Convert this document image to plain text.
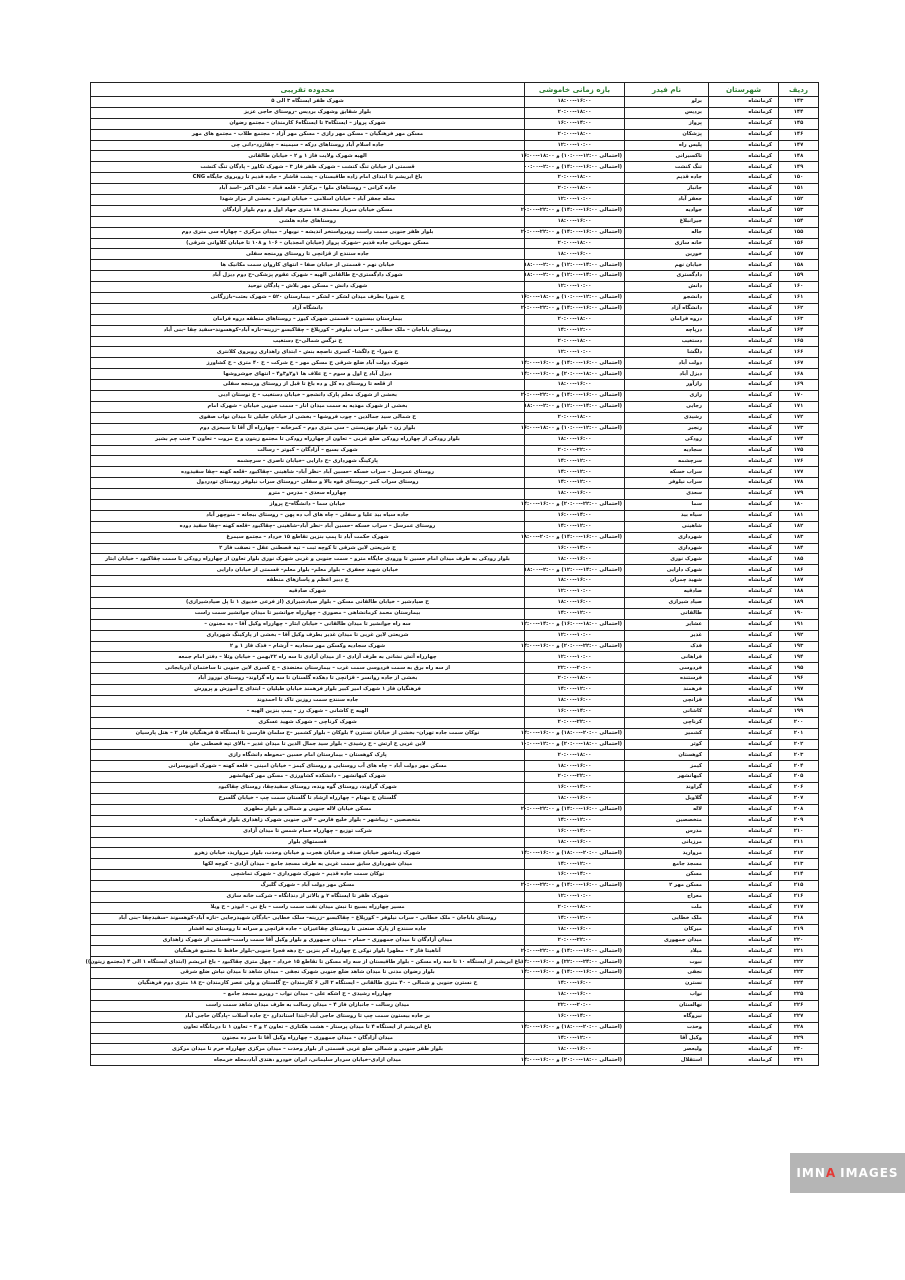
ردیف	شهرستان	نام فیدر	بازه زمانی خاموشی	محدوده تقریبی
۱۴۳	کرمانشاه	برلو	۱۶:۰۰--۱۸:۰۰	شهرک ظفر ایستگاه ۳ الی ۵
۱۴۴	کرمانشاه	بردیس	۱۸:۰۰--۲۰:۰۰	بلوار شقایق وشهرک بردیس –روستای حاجی عزیز
۱۴۵	کرمانشاه	پرواز	۱۴:۰۰--۱۶:۰۰	شهرک پرواز – ایستگاه۳ تا ایستگاه۶ کارمندان – مجتمع رضوان
۱۴۶	کرمانشاه	پزشکان	۱۸:۰۰--۲۰:۰۰	مسکن مهر فرهنگیان – مسکن مهر رازی – مسکن مهر آزاد – مجتمع طلاب – مجتمع های مهر
۱۴۷	کرمانشاه	پلیس راه	۱۰:۰۰--۱۲:۰۰	جاده اسلام آباد روستاهای درکه – سیمینه – چقازرد–دانی چی
۱۴۸	کرمانشاه	تاکسیرانی	(احتمالی ۱۲:۰۰--۱۰:۰۰) و ۱۸:۰۰--۱۶:۰۰	الهیه شهرک ولایت فاز ۱ و ۲ – خیابان طالقانی
۱۴۹	کرمانشاه	تنگ کنشت	(احتمالی ۱۶:۰۰--۱۴:۰۰) و ۲:۰۰--۰۰:۰۰	قسمتی از خیابان تنگ کنشت – شهرک ظفر فاز ۳ – شهرک تکاور – پادگان تنگ کنشت
۱۵۰	کرمانشاه	جاده قدیم	۱۸:۰۰--۲۰:۰۰	باغ ابریشم تا ابتدای امام زاده طاقبستان – پشت قاشار – جاده قدیم تا روبروی جایگاه CNG
۱۵۱	کرمانشاه	جانباز	۱۸:۰۰--۲۰:۰۰	جاده کرانی – روستاهای ملوا – برکنار – قلعه قباد – علی اکبر –اسد آباد
۱۵۲	کرمانشاه	جعفر آباد	۱۰:۰۰--۱۲:۰۰	محله جعفر آباد – خیابان اسلامی – خیابان ابوذر – بخشی از مزار شهدا
۱۵۳	کرمانشاه	جوادیه	(احتمالی ۱۶:۰۰--۱۴:۰۰) و ۲۲:۰۰--۲۰:۰۰	مسکن خیابان سرباز محمدی ۱۸ متری جهاد اول و دوم بلوار آزادگان
۱۵۴	کرمانشاه	جیرانبلاغ	۱۶:۰۰--۱۸:۰۰	روستاهای جاده هلشی
۱۵۵	کرمانشاه	جاله	(احتمالی ۱۶:۰۰--۱۴:۰۰) و ۲۲:۰۰--۲۰:۰۰	بلوار ظفر جنوبی سمت راست روبرواستخر اندیشه – نوبهار – میدان مرکزی – چهاراه سی متری دوم
۱۵۶	کرمانشاه	خانه سازی	۱۸:۰۰--۲۰:۰۰	مسکن مهربانی جاده قدیم –شهرک پرواز (خیابان امجدیان – ۱۰۶ و ۱۰۸ تا خیابان کلاوانی شرقی)
۱۵۷	کرمانشاه	خورین	۱۶:۰۰--۱۸:۰۰	جاده سنندج از قزانچی تا روستای ورمنجه سفلی
۱۵۸	کرمانشاه	خیابان نهم	(احتمالی ۱۴:۰۰--۱۲:۰۰) و ۲:۰۰--۱۸:۰۰	خیابان نهم – قسمتی از خیابان صفا – انتهای کاروان سمت مکانیک ها
۱۵۹	کرمانشاه	دادگستری	(احتمالی ۱۴:۰۰--۱۲:۰۰) و ۲:۰۰--۱۸:۰۰	شهرک دادگستری–خ طالقانی الهیه – شهرک عقوم پزشکی–خ دوم دیزل آباد
۱۶۰	کرمانشاه	دانش	۱۰:۰۰--۱۲:۰۰	شهرک دانش – مسکن مهر بلاش – پادگان نوحید
۱۶۱	کرمانشاه	دانشجو	(احتمالی ۱۲:۰۰--۱۰:۰۰) و ۱۸:۰۰--۱۶:۰۰	خ شورا بطرف میدان لشکر – لشکر – بیمارستان ۵۲۰ – شهرک بعثت–بازرگانی
۱۶۲	کرمانشاه	دانشگاه آزاد	(احتمالی ۱۶:۰۰--۱۴:۰۰) و ۲۲:۰۰--۲۰:۰۰	دانشگاه آزاد
۱۶۳	کرمانشاه	دروه فرامان	۱۸:۰۰--۲۰:۰۰	بیمارستان بیستون – قسمتی شهرک کیوز – روستاهای منطقه دروه فرامان
۱۶۴	کرمانشاه	درپاچه	۱۲:۰۰--۱۴:۰۰	روستای باباجان – ملک خطایی – سراب نیلوفر – کورپلاغ – چقاکبسو –زرینه–نازه آباد–کوهسوند–سفید چقا –بنی آباد
۱۶۵	کرمانشاه	دستغیب	۱۸:۰۰--۲۰:۰۰	خ نرگس شمالی–خ دستغیب
۱۶۶	کرمانشاه	دلگشا	۱۰:۰۰--۱۲:۰۰	خ شورا– خ دلگشا– کسری ناصچه بنش – ابتدای راهداری روبروی کلانتری
۱۶۷	کرمانشاه	دولت آباد	(احتمالی ۱۶:۰۰--۱۴:۰۰) و ۱۶:۰۰--۱۴:۰۰	شهرک دولت آباد ضلع شرقی خ مسکن مهر – خ شرکت – خ ۴۰ متری – خ کشاورز
۱۶۸	کرمانشاه	دیزل آباد	(احتمالی ۱۸:۰۰--۲۰:۰۰) و ۱۶:۰۰--۱۴:۰۰	دیزل آباد خ اول و سوم – خ علاف ها ۱و۲و۳و۴ – انتهای جوشروشها
۱۶۹	کرمانشاه	رازآور	۱۶:۰۰--۱۸:۰۰	از قلعه تا روستای ده کل و ده باغ تا قبل از روستای ورمنجه سفلی
۱۷۰	کرمانشاه	رازی	(احتمالی ۱۶:۰۰--۱۴:۰۰) و ۲۲:۰۰--۲۰:۰۰	بخشی از شهرک معلم پارک دانشجو – خیابان دستغیب – خ نوستان ادبی
۱۷۱	کرمانشاه	رجایی	(احتمالی ۱۴:۰۰--۱۲:۰۰) و ۲:۰۰--۱۸:۰۰	بخشی از شهرک مهدیه به سمت میدان انار – سمت جنوبی خیابان – شهرک امام
۱۷۲	کرمانشاه	رشیدی	۱۸:۰۰--۲۰:۰۰	خ شمالی سید جمالدین – چوب فروشها – بخشی از خیابان جلیلی تا میدان نواب صفوی
۱۷۳	کرمانشاه	رنجبر	(احتمالی ۱۲:۰۰--۱۰:۰۰) و ۱۸:۰۰--۱۶:۰۰	بلوار زن – بلوار بهزیستی – سی متری دوم – کمرخانه – چهارراه آل آقا تا سبحزی دوم
۱۷۴	کرمانشاه	رودکی	۱۶:۰۰--۱۸:۰۰	بلوار رودکی از چهارراه رودکی ضلع غربی – تعاون از چهارراه رودکی تا مجتمع زیتون و خ مروت – تعاون ۳ جنب چم بشیر
۱۷۵	کرمانشاه	سجادیه	۲۲:۰۰--۲۰:۰۰	شهرک بسیج – آزادگان – کبوتر – رسالت
۱۷۶	کرمانشاه	سرچشمه	۱۲:۰۰--۱۴:۰۰	پارکینگ شهرداری –خ دارایی –خیابان ناصری – سرچشمه
۱۷۷	کرمانشاه	سراب خسکه	۱۲:۰۰--۱۴:۰۰	روستای عمرسل – سراب خسکه –حسین آباد –نظر آباد– شاهینی –چقاکبود –قلعه کهنه –چقا سفیدوده
۱۷۸	کرمانشاه	سراب نیلوفر	۱۲:۰۰--۱۴:۰۰	روستای سراب کمر –روستای قوه بالا و سفلی –روستای سراب نیلوفر روستای تودردول
۱۷۹	کرمانشاه	سعدی	۱۶:۰۰--۱۸:۰۰	چهارراه سعدی – مدرس – مترو
۱۸۰	کرمانشاه	سما	(احتمالی ۲۲:۰۰--۲۰:۰۰) و ۱۶:۰۰--۱۴:۰۰	خیابان سما – دانشگاه–خ پرواز
۱۸۱	کرمانشاه	سیاه بید	۱۴:۰۰--۱۶:۰۰	جاده سیاه بید علیا و سفلی – چاه های آب ده پهن – روستای بیجانه – منوچهر آباد
۱۸۲	کرمانشاه	شاهینی	۱۲:۰۰--۱۴:۰۰	روستای عمرسل – سراب خسکه –حسین آباد –نظر آباد–شاهینی –چقاکبود –قلعه کهنه –چقا سفید دوده
۱۸۳	کرمانشاه	شهرداری	(احتمالی ۱۶:۰۰--۱۴:۰۰) و ۲۰:۰۰--۱۸:۰۰	شهرک حکمت آباد تا پمپ بنزین تقاطع ۱۵ خرداد – مجتمع سیمرغ
۱۸۴	کرمانشاه	شهرداری	۱۴:۰۰--۱۶:۰۰	خ شریعتی لاین شرقی تا کوچه ثبت – تپه قصطنی عقل – نصفت فاز ۲
۱۸۵	کرمانشاه	شهرک نوری	۱۶:۰۰--۱۸:۰۰	بلوار رودکی به طرف میدان امام حسین تا ورودی جایگاه مترو – سمت جنوبی و غربی شهرک نوری بلوار تعاون از چهارراه رودکی تا سمت چقاکبود – خیابان ابثار
۱۸۶	کرمانشاه	شهرک دارایی	(احتمالی ۱۴:۰۰--۱۲:۰۰) و ۲:۰۰--۱۸:۰۰	خیابان شهید جعفری – بلوار معلم– بلوار معلم– قسمتی از خیابان دارایی
۱۸۷	کرمانشاه	شهید چمران	۱۶:۰۰--۱۸:۰۰	خ دبیر اعظم و پاسازهای منطقه
۱۸۸	کرمانشاه	صادقیه	۱۰:۰۰--۱۲:۰۰	شهرک صادقیه
۱۸۹	کرمانشاه	صیاد شیرازی	۱۶:۰۰--۱۸:۰۰	خ صیادشیر – خیابان طالقانی مسکن – بلوار صیادشیرازی (از فرعی خدیوی ۱ تا پل صیادشیرازی)
۱۹۰	کرمانشاه	طالقانی	۱۲:۰۰--۱۴:۰۰	بیمارستان محمد کرمانشاهی – مصوری – چهارراه جوانشیر تا میدان جوانشیر سمت راست
۱۹۱	کرمانشاه	عشایر	(احتمالی ۱۸:۰۰--۱۶:۰۰) و ۱۴:۰۰--۱۲:۰۰	سه راه جوانشیر تا میدان طالقانی – خیابان ابثار – چهارراه وکیل آقا – ده مجنون –
۱۹۲	کرمانشاه	غدیر	۱۰:۰۰--۱۲:۰۰	شریعتی لاین غربی تا میدان غدیر بطرف وکیل آقا – بخشی از پارکینگ شهرداری
۱۹۳	کرمانشاه	فدک	(احتمالی ۲۲:۰۰--۲۰:۰۰) و ۱۶:۰۰--۱۴:۰۰	شهرک سجادیه وکسکن مهر سجادیه – آرشام – فدک فاز ۱ و ۲
۱۹۴	کرمانشاه	فراهانی	۱۰:۰۰--۱۲:۰۰	چهارراه آتش نشانی به طرف آزادی – از میدان آزادی تا سه راه ۲۲بهمن – خیابان وثلا – دفتر امام جمعه
۱۹۵	کرمانشاه	فردوسی	۲۰:۰۰--۲۲:۰۰	از سه راه برق به سمت فردوسی سمت غرب – بیمارستان معتضدی – خ کسری لاین جنوبی تا ساختمان آذربایجانی
۱۹۶	کرمانشاه	فرستنده	۱۸:۰۰--۲۰:۰۰	بخشی از جاده روانسر – قزانچی تا دهکده گلستان تا سه راه گراوند– روستای نوروز آباد
۱۹۷	کرمانشاه	فرهمند	۱۲:۰۰--۱۴:۰۰	فرهنگیان فاز ۱ شهرک امیر کبیر بلوار فرهمند خیابان طیلیان – ابتدای خ آموزش و پرورش
۱۹۸	کرمانشاه	قزانچی	۱۶:۰۰--۱۸:۰۰	جاده سنندج سمت روزین تاک تا احمدوند
۱۹۹	کرمانشاه	کاشانی	۱۴:۰۰--۱۶:۰۰	الهیه خ کاشانی – شهرک رز – پمپ بنزین الهیه –
۲۰۰	کرمانشاه	کرناچی	۲۲:۰۰--۲۰:۰۰	شهرک کرناچی – شهرک شهید عسکری
۲۰۱	کرمانشاه	کشمیر	(احتمالی ۲۰:۰۰--۱۸:۰۰) و ۱۶:۰۰--۱۴:۰۰	نوکان سمت جاده تهران– بخشی از خیابان تسترن ۴ بلوکان – بلوار کشمیر –خ سلمان فارسی تا ایستگاه ۵ فرهنگیان فاز ۲ – هتل پارسیان
۲۰۲	کرمانشاه	کوثر	(احتمالی ۱۸:۰۰--۲۰:۰۰) و ۱۲:۰۰--۱۰:۰۰	لاین غربی خ ارتش – خ رشیدی – بلوار سید جمال الدین تا میدان غدیر – بالای تپه قصطنی خان
۲۰۳	کرمانشاه	کوهستان	۱۸:۰۰--۲۰:۰۰	پارک کوهستان – بیمارستان امام حسین –محوطه دانشگاه رازی
۲۰۴	کرمانشاه	کیمز	۱۶:۰۰--۱۸:۰۰	مسکن مهر دولت آباد – چاه های آب روستایی و روستای کیمز – خیابان امینی – قلعه کهنه – شهرک اتوبوسرانی
۲۰۵	کرمانشاه	کیهانشهر	۲۲:۰۰--۲۰:۰۰	شهرک کیهانشهر – دانشکده کشاورزی – مسکن مهر کیهانشهر
۲۰۶	کرمانشاه	گراوند	۱۴:۰۰--۱۶:۰۰	شهرک گراوند، روستای گوه ونده، روستای سفیدچقا، روستای چقاکبود
۲۰۷	کرمانشاه	گلاویل	۱۶:۰۰--۱۸:۰۰	گلستان خ مهتام – چهارراه ارشاد تا گلستان سمت چپ – خیابان گلسرخ
۲۰۸	کرمانشاه	لاله	(احتمالی ۱۶:۰۰--۱۴:۰۰) و ۲۲:۰۰--۲۰:۰۰	مسکن خیابان لاله جنوبی و شمالی و بلوار مطهری
۲۰۹	کرمانشاه	متخصصین	۱۲:۰۰--۱۴:۰۰	متخصصین – زیباشهر – بلوار خلیج فارس – لاین جنوبی شهرک زاهداری بلوار فرهنگشان –
۲۱۰	کرمانشاه	مدرس	۱۴:۰۰--۱۶:۰۰	شرکت توزیع – چهارراه حمام شمس تا میدان آزادی
۲۱۱	کرمانشاه	مرزبانی	۱۶:۰۰--۱۸:۰۰	قسمتهای بلوار
۲۱۲	کرمانشاه	مروارید	(احتمالی ۲۰:۰۰--۱۸:۰۰) و ۱۶:۰۰--۱۴:۰۰	شهرک زیباشهر خیابان صدف و خیابان هجرت و خیابان وحدت، بلوار مروارید، خیابان زهرو
۲۱۳	کرمانشاه	مسجد جامع	۱۲:۰۰--۱۴:۰۰	میدان شهرداری سابق سمت غربی به طرف مسجد جامع – میدان آزادی – کوچه لکها
۲۱۴	کرمانشاه	مسکن	۱۴:۰۰--۱۶:۰۰	نوکان سمت جاده قدیم – شهرک شهرداری – شهرک تماشچی
۲۱۵	کرمانشاه	مسکن مهر ۲	(احتمالی ۱۶:۰۰--۱۴:۰۰) و ۲۲:۰۰--۲۰:۰۰	مسکن مهر دولت آباد – شهرک گلبرگ
۲۱۶	کرمانشاه	معراج	۱۰:۰۰--۱۲:۰۰	شهرک ظفر تا ایستگاه ۲ و بالاتر از دندانگاه – شرکت خانه سازی
۲۱۷	کرمانشاه	ملت	۱۸:۰۰--۲۰:۰۰	مسیر چهارراه بسیج تا نبش میدان نفت سمت راست – باغ نی – ابوذر – خ ویلا
۲۱۸	کرمانشاه	ملک خطایی	۱۲:۰۰--۱۴:۰۰	روستای باباجان – ملک خطایی – سراب نیلوفر – کورپلاغ – چقاکبسو –زرینه– سلک خطایی –بادگان شهیدرجایی –نازه آباد–کوهسوند –سفیدچقا –بنی آباد
۲۱۹	کرمانشاه	میرکان	۱۶:۰۰--۱۸:۰۰	جاده سنندج از پارک صنعتی تا روستای چقاعیزان – جاده قزانچی و سرانه تا روستای تیه افشار
۲۲۰	کرمانشاه	میدان جمهوری	۲۲:۰۰--۲۰:۰۰	میدان آزادگان تا میدان جمهوری – حمام – میدان جمهوری و بلوار وکیل آقا سمت راست–قسمتی از شهرک زاهداری
۲۲۱	کرمانشاه	میلاد	(احتمالی ۱۶:۰۰--۱۴:۰۰) و ۲۲:۰۰--۲۰:۰۰	آناهیتا فاز ۳ – مطهرا بلوار نوکی خ چهارراه کم بنزین –خ دهه فجرا جنوبی–بلوار حافظ تا مجتمع فرهنگیان
۲۲۲	کرمانشاه	نبوت	(احتمالی ۲۴:۰۰--۲۲:۰۰) و ۱۶:۰۰--۱۴:۰۰	باغ ابریشم از ایستگاه ۱۰ تا سه راه مسکن – بلوار طاقبستان از سه راه مسکن تا تقاطع ۱۵ خرداد – چهل متری چقاکبود – باغ ابریشم (ابتدای ایستگاه ۱ الی ۴ (مجتمع زیتون))
۲۲۳	کرمانشاه	نجفی	(احتمالی ۱۶:۰۰--۱۴:۰۰) و ۱۶:۰۰--۱۴:۰۰	بلوار رضوان مدنی تا میدان شاهد ضلع جنوبی شهرک نجفی – میدان شاهد تا میدان نیاش ضلع شرقی
۲۲۴	کرمانشاه	نسترن	۱۶:۰۰--۱۴:۰۰	خ نسترن جنوبی و شمالی – ۴۰ متری طالقانی – ایستگاه ۲ الی ۶ کارمندان –خ گلستان و ولی عصر کارمندان –خ ۱۸ متری دوم فرهنگیان
۲۲۵	کرمانشاه	نواب	۱۶:۰۰--۱۸:۰۰	چهارراه رشیدی – خ اشکه علی – میدان نواب – روبرو مسجد جامع –
۲۲۶	کرمانشاه	نهالستان	۲۰:۰۰--۲۲:۰۰	میدان رسالت – جانبازان فاز ۴ – میدان رسالت به طرف میدان شاهد سمت راست
۲۲۷	کرمانشاه	نیروگاه	۱۴:۰۰--۱۶:۰۰	بر جاده بیستون سمت چپ تا روستای حاجی آباد–ابتدا استانداردِ –خ جاده آسلات –پادگان حاجی آباد
۲۲۸	کرمانشاه	وحدت	(احتمالی ۲۰:۰۰--۱۸:۰۰) و ۱۶:۰۰--۱۴:۰۰	باغ ابریشم از ایستگاه ۴ تا میدان پرستار – هشت هکتاری – تعاون ۲ و ۳ – تعاون ۱ تا درمانگاه تعاون
۲۲۹	کرمانشاه	وکیل آقا	۱۲:۰۰--۱۴:۰۰	میدان آزادگان – میدان جمهوری – چهارراه وکیل آقا تا سر ده مجنون
۲۳۰	کرمانشاه	ولیعصر	۱۶:۰۰--۱۸:۰۰	بلوار ظفر جنوبی و شمالی ضلع غربی قسمتی از بلوار وحدت – میدان مرکزی چهارراه خرم تا میدان مرکزی
۲۳۱	کرمانشاه	استقلال	(احتمالی ۱۸:۰۰--۲۰:۰۰) و ۱۶:۰۰--۱۴:۰۰	میدان ازادی–خیابان سردار سلیمانی، ایران خودرو ،هتدی آباد،محله خرمجاه
IMN A IMAGES
